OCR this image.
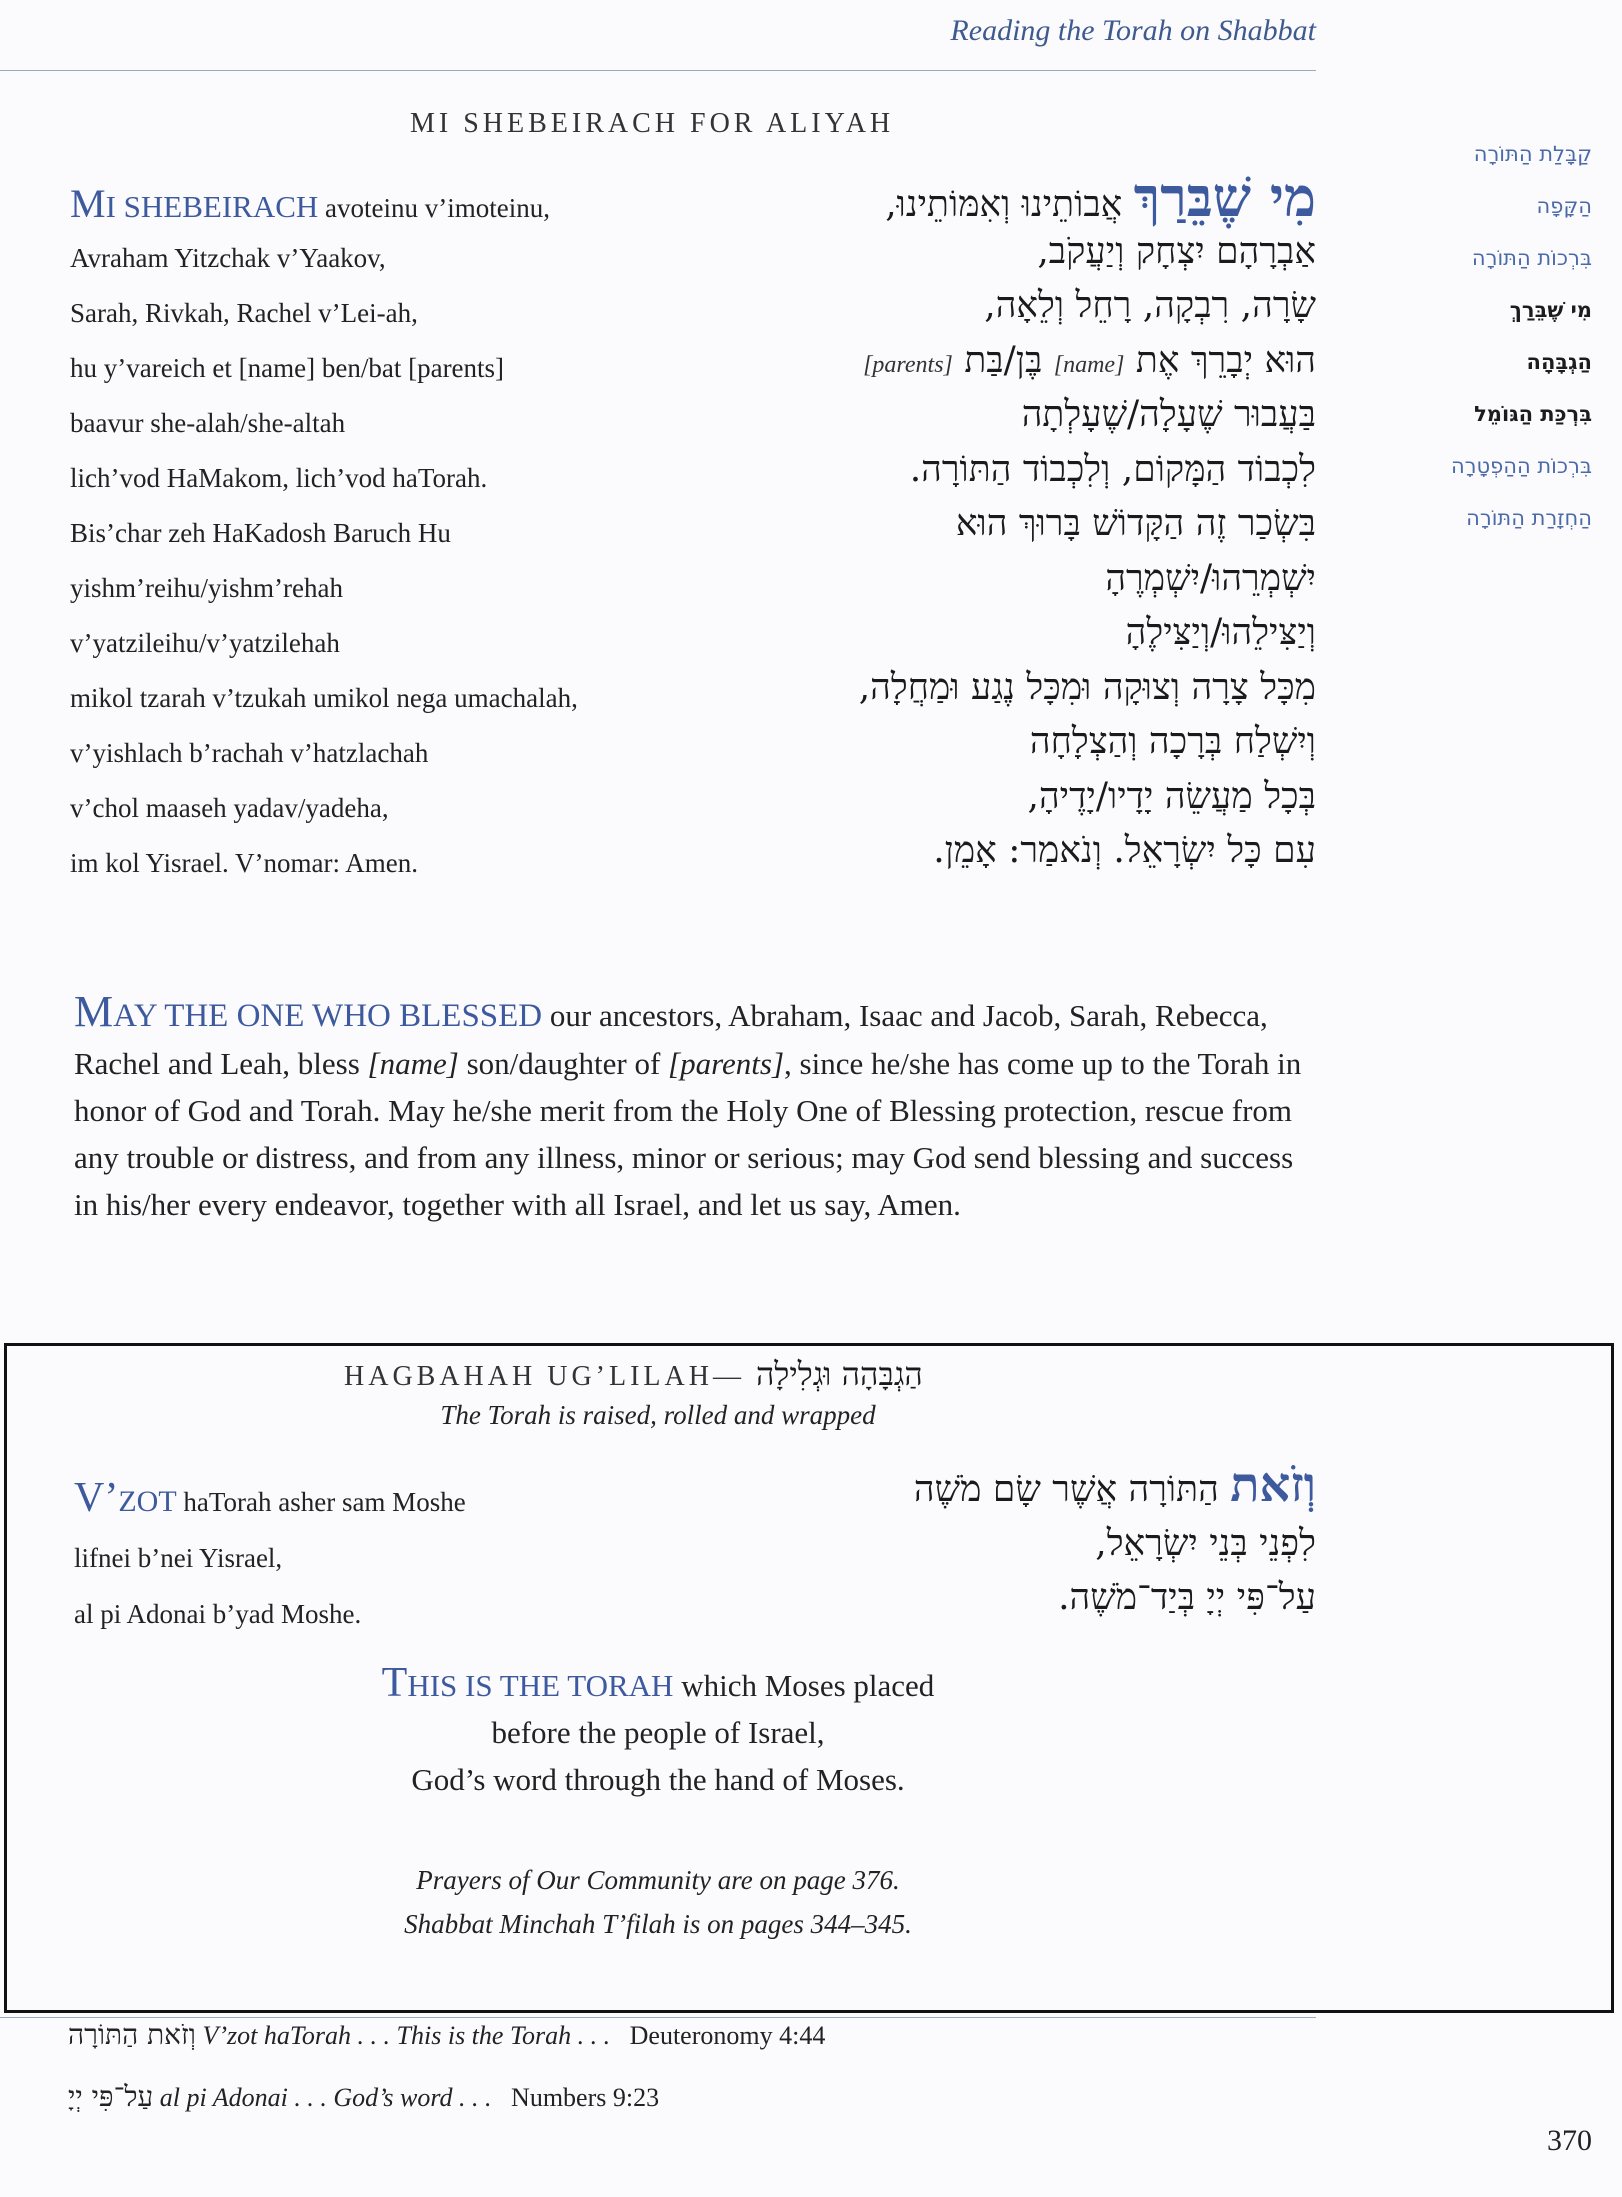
Reading the Torah on Shabbat
MI SHEBEIRACH FOR ALIYAH
קַבָּלַת הַתּוֹרָה
הַקָּפָה
בִּרְכוֹת הַתּוֹרָה
מִי שֶׁבֵּרַךְ
הַגְבָּהָה
בִּרְכַּת הַגּוֹמֵל
בִּרְכוֹת הַהַפְטָרָה
הַחְזָרַת הַתּוֹרָה
MI SHEBEIRACH avoteinu v’imoteinu,
Avraham Yitzchak v’Yaakov,
Sarah, Rivkah, Rachel v’Lei-ah,
hu y’vareich et [name] ben/bat [parents]
baavur she-alah/she-altah
lich’vod HaMakom, lich’vod haTorah.
Bis’char zeh HaKadosh Baruch Hu
yishm’reihu/yishm’rehah
v’yatzileihu/v’yatzilehah
mikol tzarah v’tzukah umikol nega umachalah,
v’yishlach b’rachah v’hatzlachah
v’chol maaseh yadav/yadeha,
im kol Yisrael. V’nomar: Amen.
מִי שֶׁבֵּרַךְ אֲבוֹתֵינוּ וְאִמּוֹתֵינוּ,
אַבְרָהָם יִצְחָק וְיַעֲקֹב,
שָׂרָה, רִבְקָה, רָחֵל וְלֵאָה,
הוּא יְבָרֵךְ אֶת [name] בֶּן/בַּת [parents]
בַּעֲבוּר שֶׁעָלָה/שֶׁעָלְתָה
לִכְבוֹד הַמָּקוֹם, וְלִכְבוֹד הַתּוֹרָה.
בִּשְׂכַר זֶה הַקָּדוֹשׁ בָּרוּךְ הוּא
יִשְׁמְרֵהוּ/יִשְׁמְרֶהָ
וְיַצִּילֵהוּ/וְיַצִּילֶהָ
מִכָּל צָרָה וְצוּקָה וּמִכָּל נֶגַע וּמַחֲלָה,
וְיִשְׁלַח בְּרָכָה וְהַצְלָחָה
בְּכָל מַעֲשֵׂה יָדָיו/יָדֶיהָ,
עִם כָּל יִשְׂרָאֵל. וְנֹאמַר: אָמֵן.
MAY THE ONE WHO BLESSED our ancestors, Abraham, Isaac and Jacob, Sarah, Rebecca, Rachel and Leah, bless [name] son/daughter of [parents], since he/she has come up to the Torah in honor of God and Torah. May he/she merit from the Holy One of Blessing protection, rescue from any trouble or distress, and from any illness, minor or serious; may God send blessing and success in his/her every endeavor, together with all Israel, and let us say, Amen.
HAGBAHAH UG’LILAH— הַגְבָּהָה וּגְלִילָה
The Torah is raised, rolled and wrapped
V’ZOT haTorah asher sam Moshe
lifnei b’nei Yisrael,
al pi Adonai b’yad Moshe.
וְזֹאת הַתּוֹרָה אֲשֶׁר שָׂם מֹשֶׁה
לִפְנֵי בְּנֵי יִשְׂרָאֵל,
עַל־פִּי יְיָ בְּיַד־מֹשֶׁה.
THIS IS THE TORAH which Moses placed
before the people of Israel,
God’s word through the hand of Moses.
Prayers of Our Community are on page 376.
Shabbat Minchah T’filah is on pages 344–345.
וְזֹאת הַתּוֹרָה V’zot haTorah . . . This is the Torah . . . Deuteronomy 4:44
עַל־פִּי יְיָ al pi Adonai . . . God’s word . . . Numbers 9:23
370
